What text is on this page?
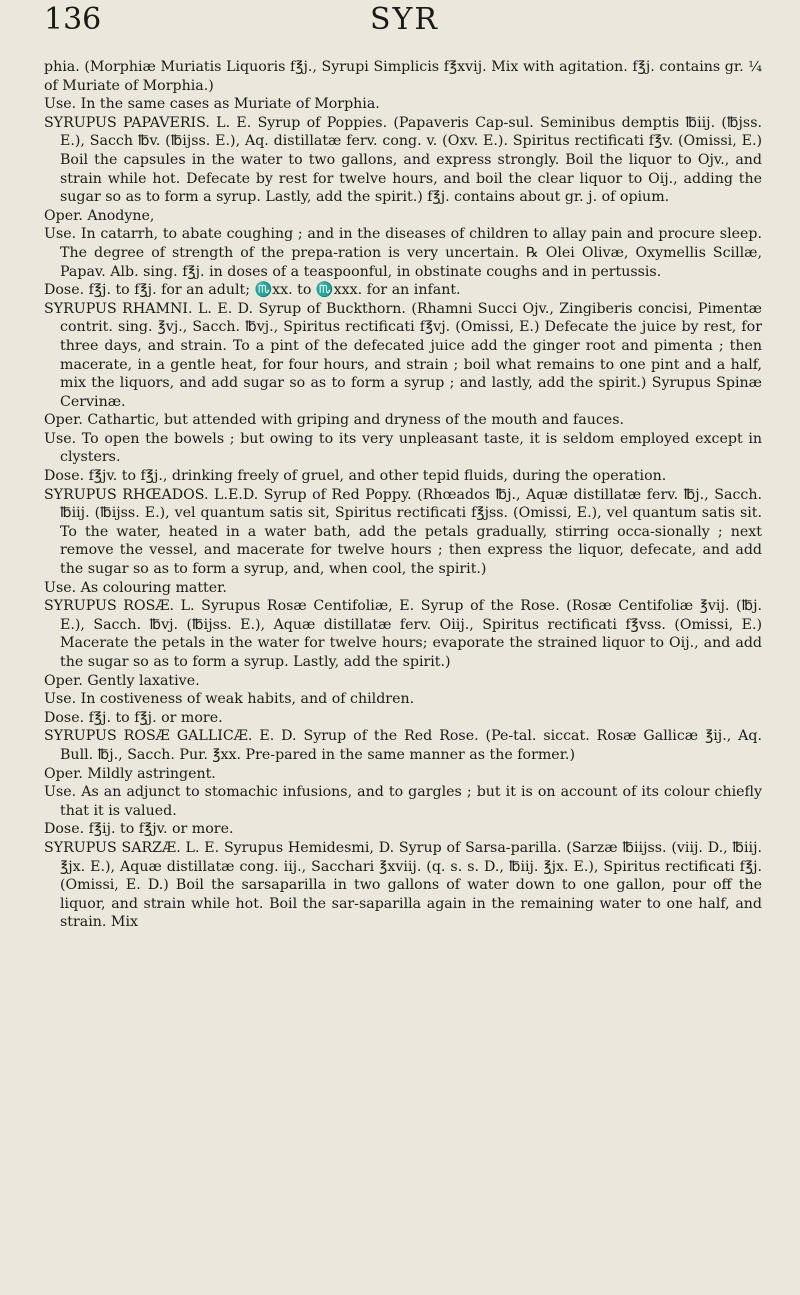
136	SYR

phia. (Morphiæ Muriatis Liquoris f℥j., Syrupi Simplicis f℥xvij. Mix with agitation. f℥j. contains gr. ¼ of Muriate of Morphia.)

Use. In the same cases as Muriate of Morphia.

SYRUPUS PAPAVERIS. L. E. Syrup of Poppies. (Papaveris Cap-sul. Seminibus demptis ℔iij. (℔jss. E.), Sacch ℔v. (℔ijss. E.), Aq. distillatæ ferv. cong. v. (Oxv. E.). Spiritus rectificati f℥v. (Omissi, E.) Boil the capsules in the water to two gallons, and express strongly. Boil the liquor to Ojv., and strain while hot. Defecate by rest for twelve hours, and boil the clear liquor to Oij., adding the sugar so as to form a syrup. Lastly, add the spirit.) f℥j. contains about gr. j. of opium.

Oper. Anodyne,

Use. In catarrh, to abate coughing ; and in the diseases of children to allay pain and procure sleep. The degree of strength of the prepa-ration is very uncertain. ℞ Olei Olivæ, Oxymellis Scillæ, Papav. Alb. sing. f℥j. in doses of a teaspoonful, in obstinate coughs and in pertussis.

Dose. f℥j. to f℥j. for an adult; ♏xx. to ♏xxx. for an infant.

SYRUPUS RHAMNI. L. E. D. Syrup of Buckthorn. (Rhamni Succi Ojv., Zingiberis concisi, Pimentæ contrit. sing. ℥vj., Sacch. ℔vj., Spiritus rectificati f℥vj. (Omissi, E.) Defecate the juice by rest, for three days, and strain. To a pint of the defecated juice add the ginger root and pimenta ; then macerate, in a gentle heat, for four hours, and strain ; boil what remains to one pint and a half, mix the liquors, and add sugar so as to form a syrup ; and lastly, add the spirit.) Syrupus Spinæ Cervinæ.

Oper. Cathartic, but attended with griping and dryness of the mouth and fauces.

Use. To open the bowels ; but owing to its very unpleasant taste, it is seldom employed except in clysters.

Dose. f℥jv. to f℥j., drinking freely of gruel, and other tepid fluids, during the operation.

SYRUPUS RHŒADOS. L.E.D. Syrup of Red Poppy. (Rhœados ℔j., Aquæ distillatæ ferv. ℔j., Sacch. ℔iij. (℔ijss. E.), vel quantum satis sit, Spiritus rectificati f℥jss. (Omissi, E.), vel quantum satis sit. To the water, heated in a water bath, add the petals gradually, stirring occa-sionally ; next remove the vessel, and macerate for twelve hours ; then express the liquor, defecate, and add the sugar so as to form a syrup, and, when cool, the spirit.)

Use. As colouring matter.

SYRUPUS ROSÆ. L. Syrupus Rosæ Centifoliæ, E. Syrup of the Rose. (Rosæ Centifoliæ ℥vij. (℔j. E.), Sacch. ℔vj. (℔ijss. E.), Aquæ distillatæ ferv. Oiij., Spiritus rectificati f℥vss. (Omissi, E.) Macerate the petals in the water for twelve hours; evaporate the strained liquor to Oij., and add the sugar so as to form a syrup. Lastly, add the spirit.)

Oper. Gently laxative.

Use. In costiveness of weak habits, and of children.

Dose. f℥j. to f℥j. or more.

SYRUPUS ROSÆ GALLICÆ. E. D. Syrup of the Red Rose. (Pe-tal. siccat. Rosæ Gallicæ ℥ij., Aq. Bull. ℔j., Sacch. Pur. ℥xx. Pre-pared in the same manner as the former.)

Oper. Mildly astringent.

Use. As an adjunct to stomachic infusions, and to gargles ; but it is on account of its colour chiefly that it is valued.

Dose. f℥ij. to f℥jv. or more.

SYRUPUS SARZÆ. L. E. Syrupus Hemidesmi, D. Syrup of Sarsa-parilla. (Sarzæ ℔iijss. (viij. D., ℔iij. ℥jx. E.), Aquæ distillatæ cong. iij., Sacchari ℥xviij. (q. s. s. D., ℔iij. ℥jx. E.), Spiritus rectificati f℥j. (Omissi, E. D.) Boil the sarsaparilla in two gallons of water down to one gallon, pour off the liquor, and strain while hot. Boil the sar-saparilla again in the remaining water to one half, and strain. Mix
